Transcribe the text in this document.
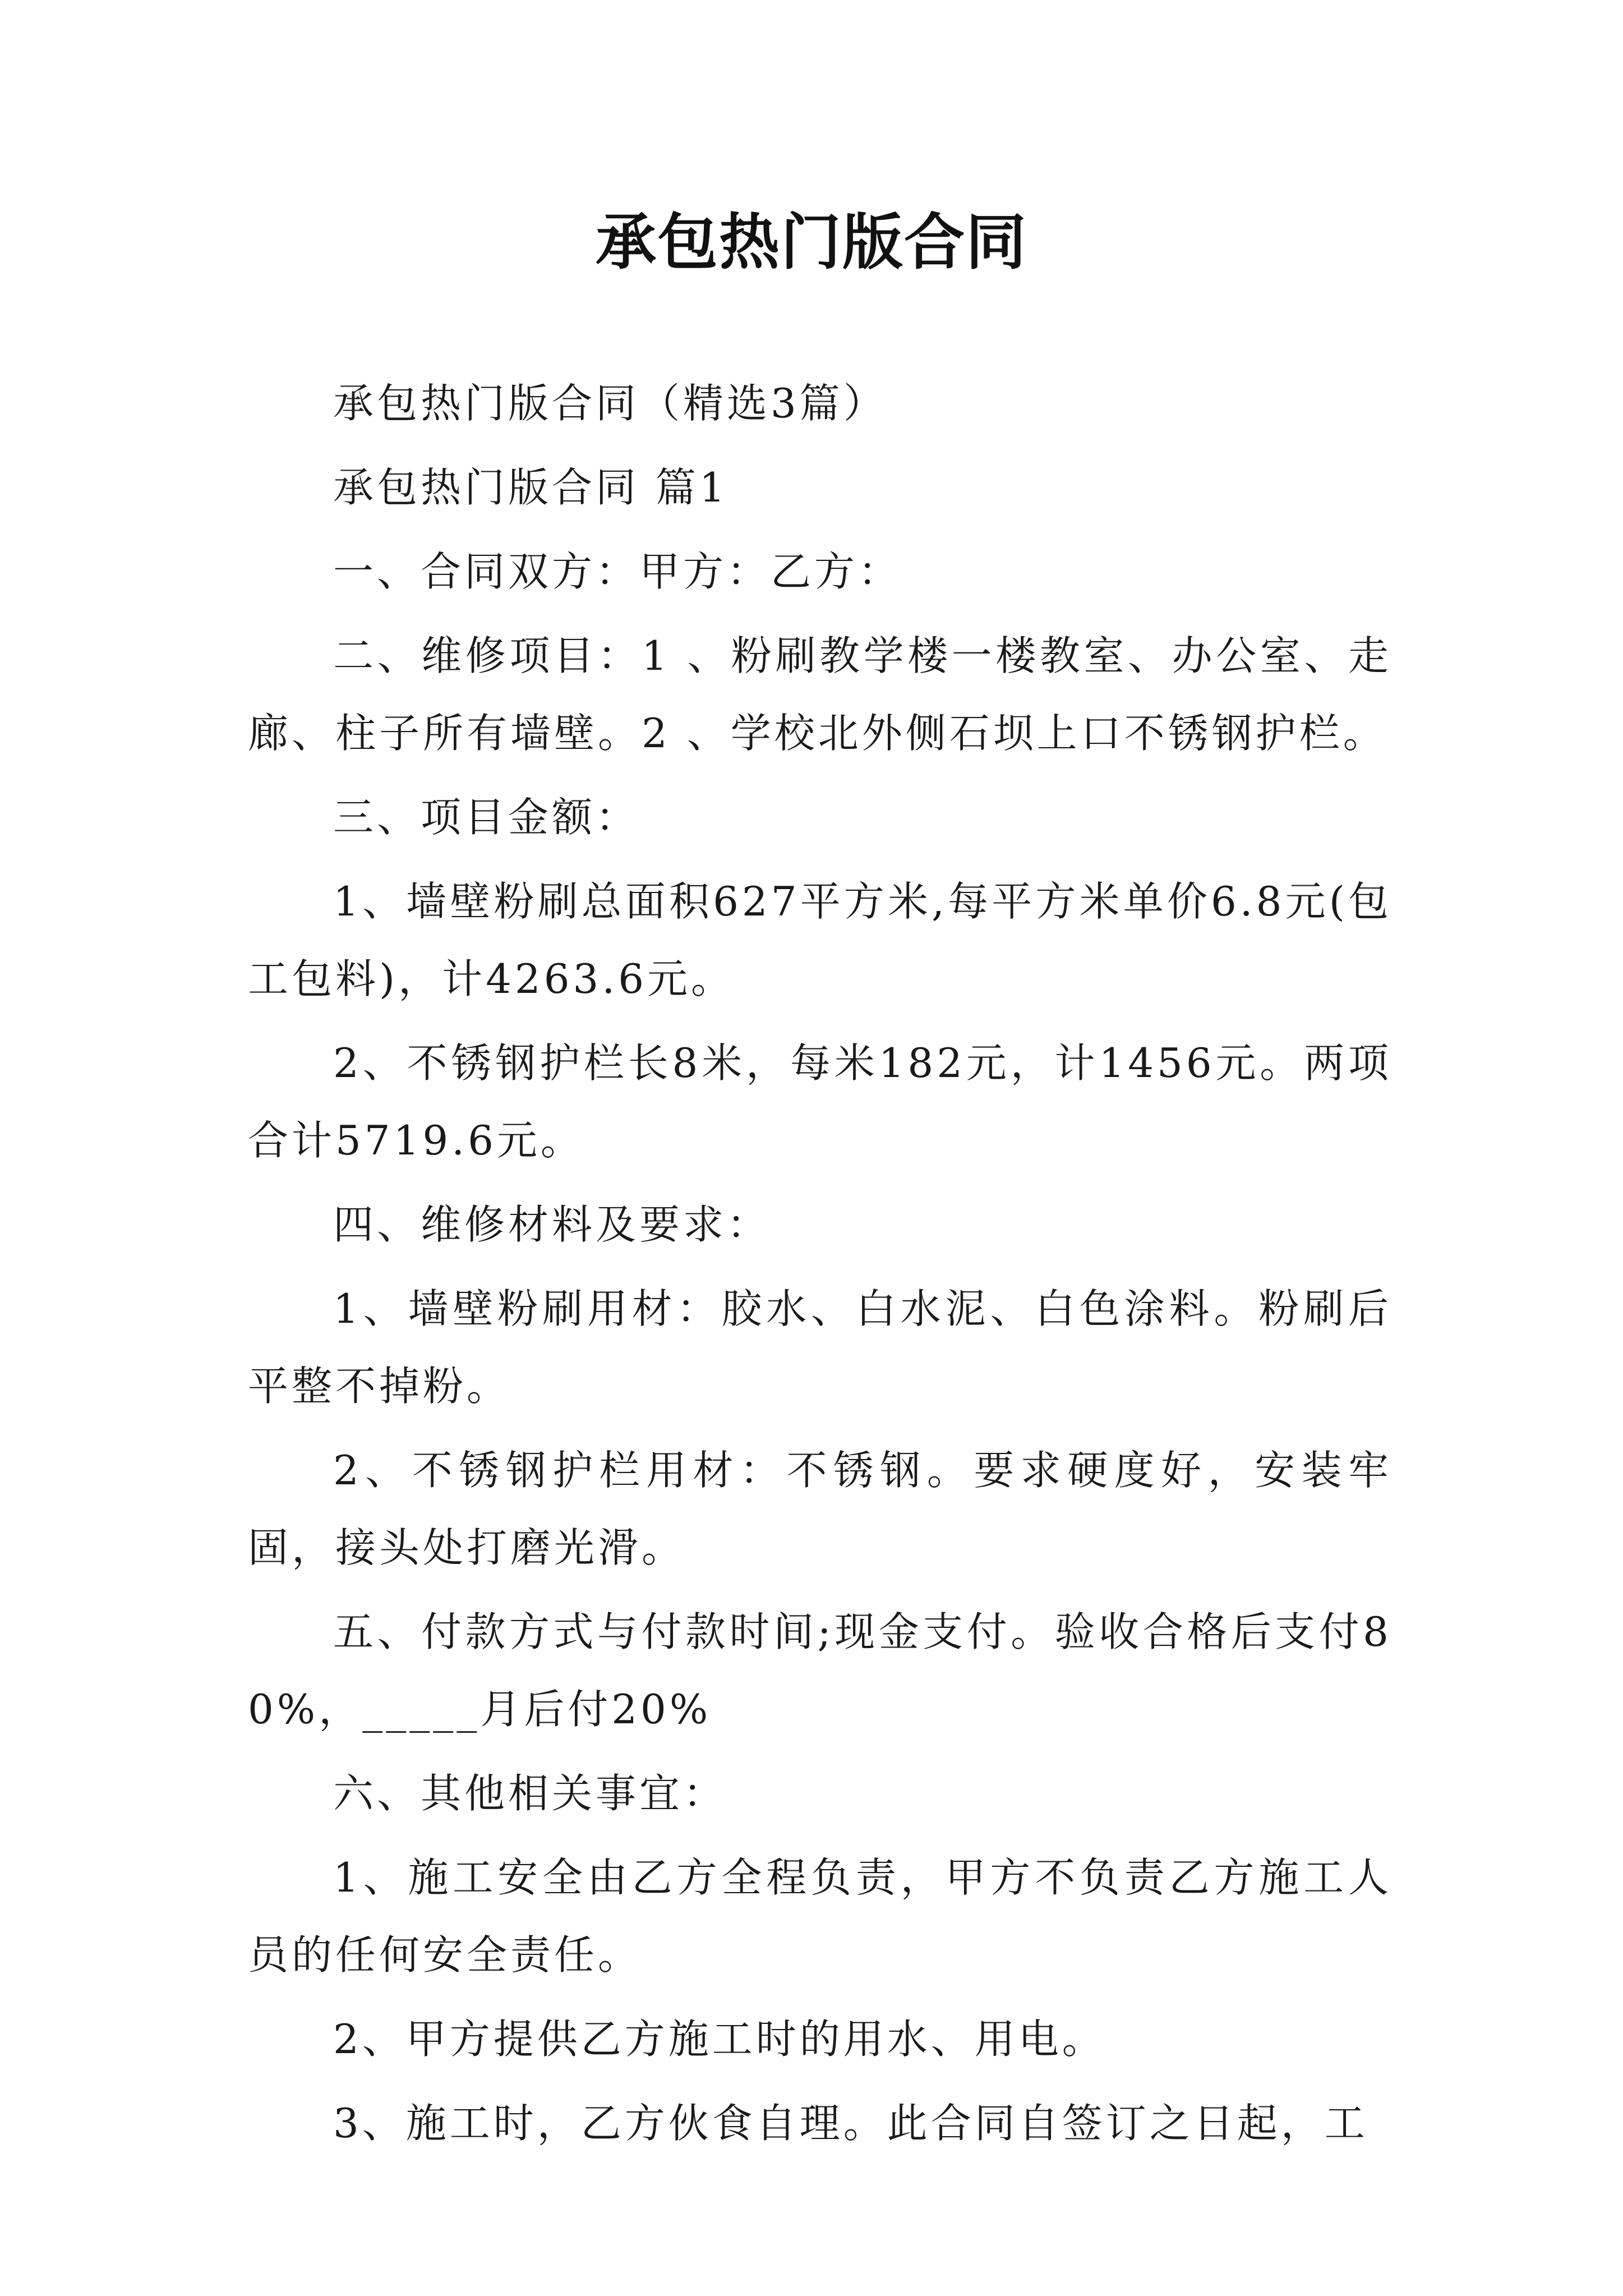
承包热门版合同

承包热门版合同（精选3篇）

承包热门版合同 篇1

一、合同双方：甲方：乙方：

二、维修项目：1 、粉刷教学楼一楼教室、办公室、走廊、柱子所有墙壁。2 、学校北外侧石坝上口不锈钢护栏。

三、项目金额：

1、墙壁粉刷总面积627平方米,每平方米单价6.8元(包工包料)，计4263.6元。

2、不锈钢护栏长8米，每米182元，计1456元。两项合计5719.6元。

四、维修材料及要求：

1、墙壁粉刷用材：胶水、白水泥、白色涂料。粉刷后平整不掉粉。

2、不锈钢护栏用材：不锈钢。要求硬度好，安装牢固，接头处打磨光滑。

五、付款方式与付款时间;现金支付。验收合格后支付80%，_____月后付20%

六、其他相关事宜：

1、施工安全由乙方全程负责，甲方不负责乙方施工人员的任何安全责任。

2、甲方提供乙方施工时的用水、用电。

3、施工时，乙方伙食自理。此合同自签订之日起，工
